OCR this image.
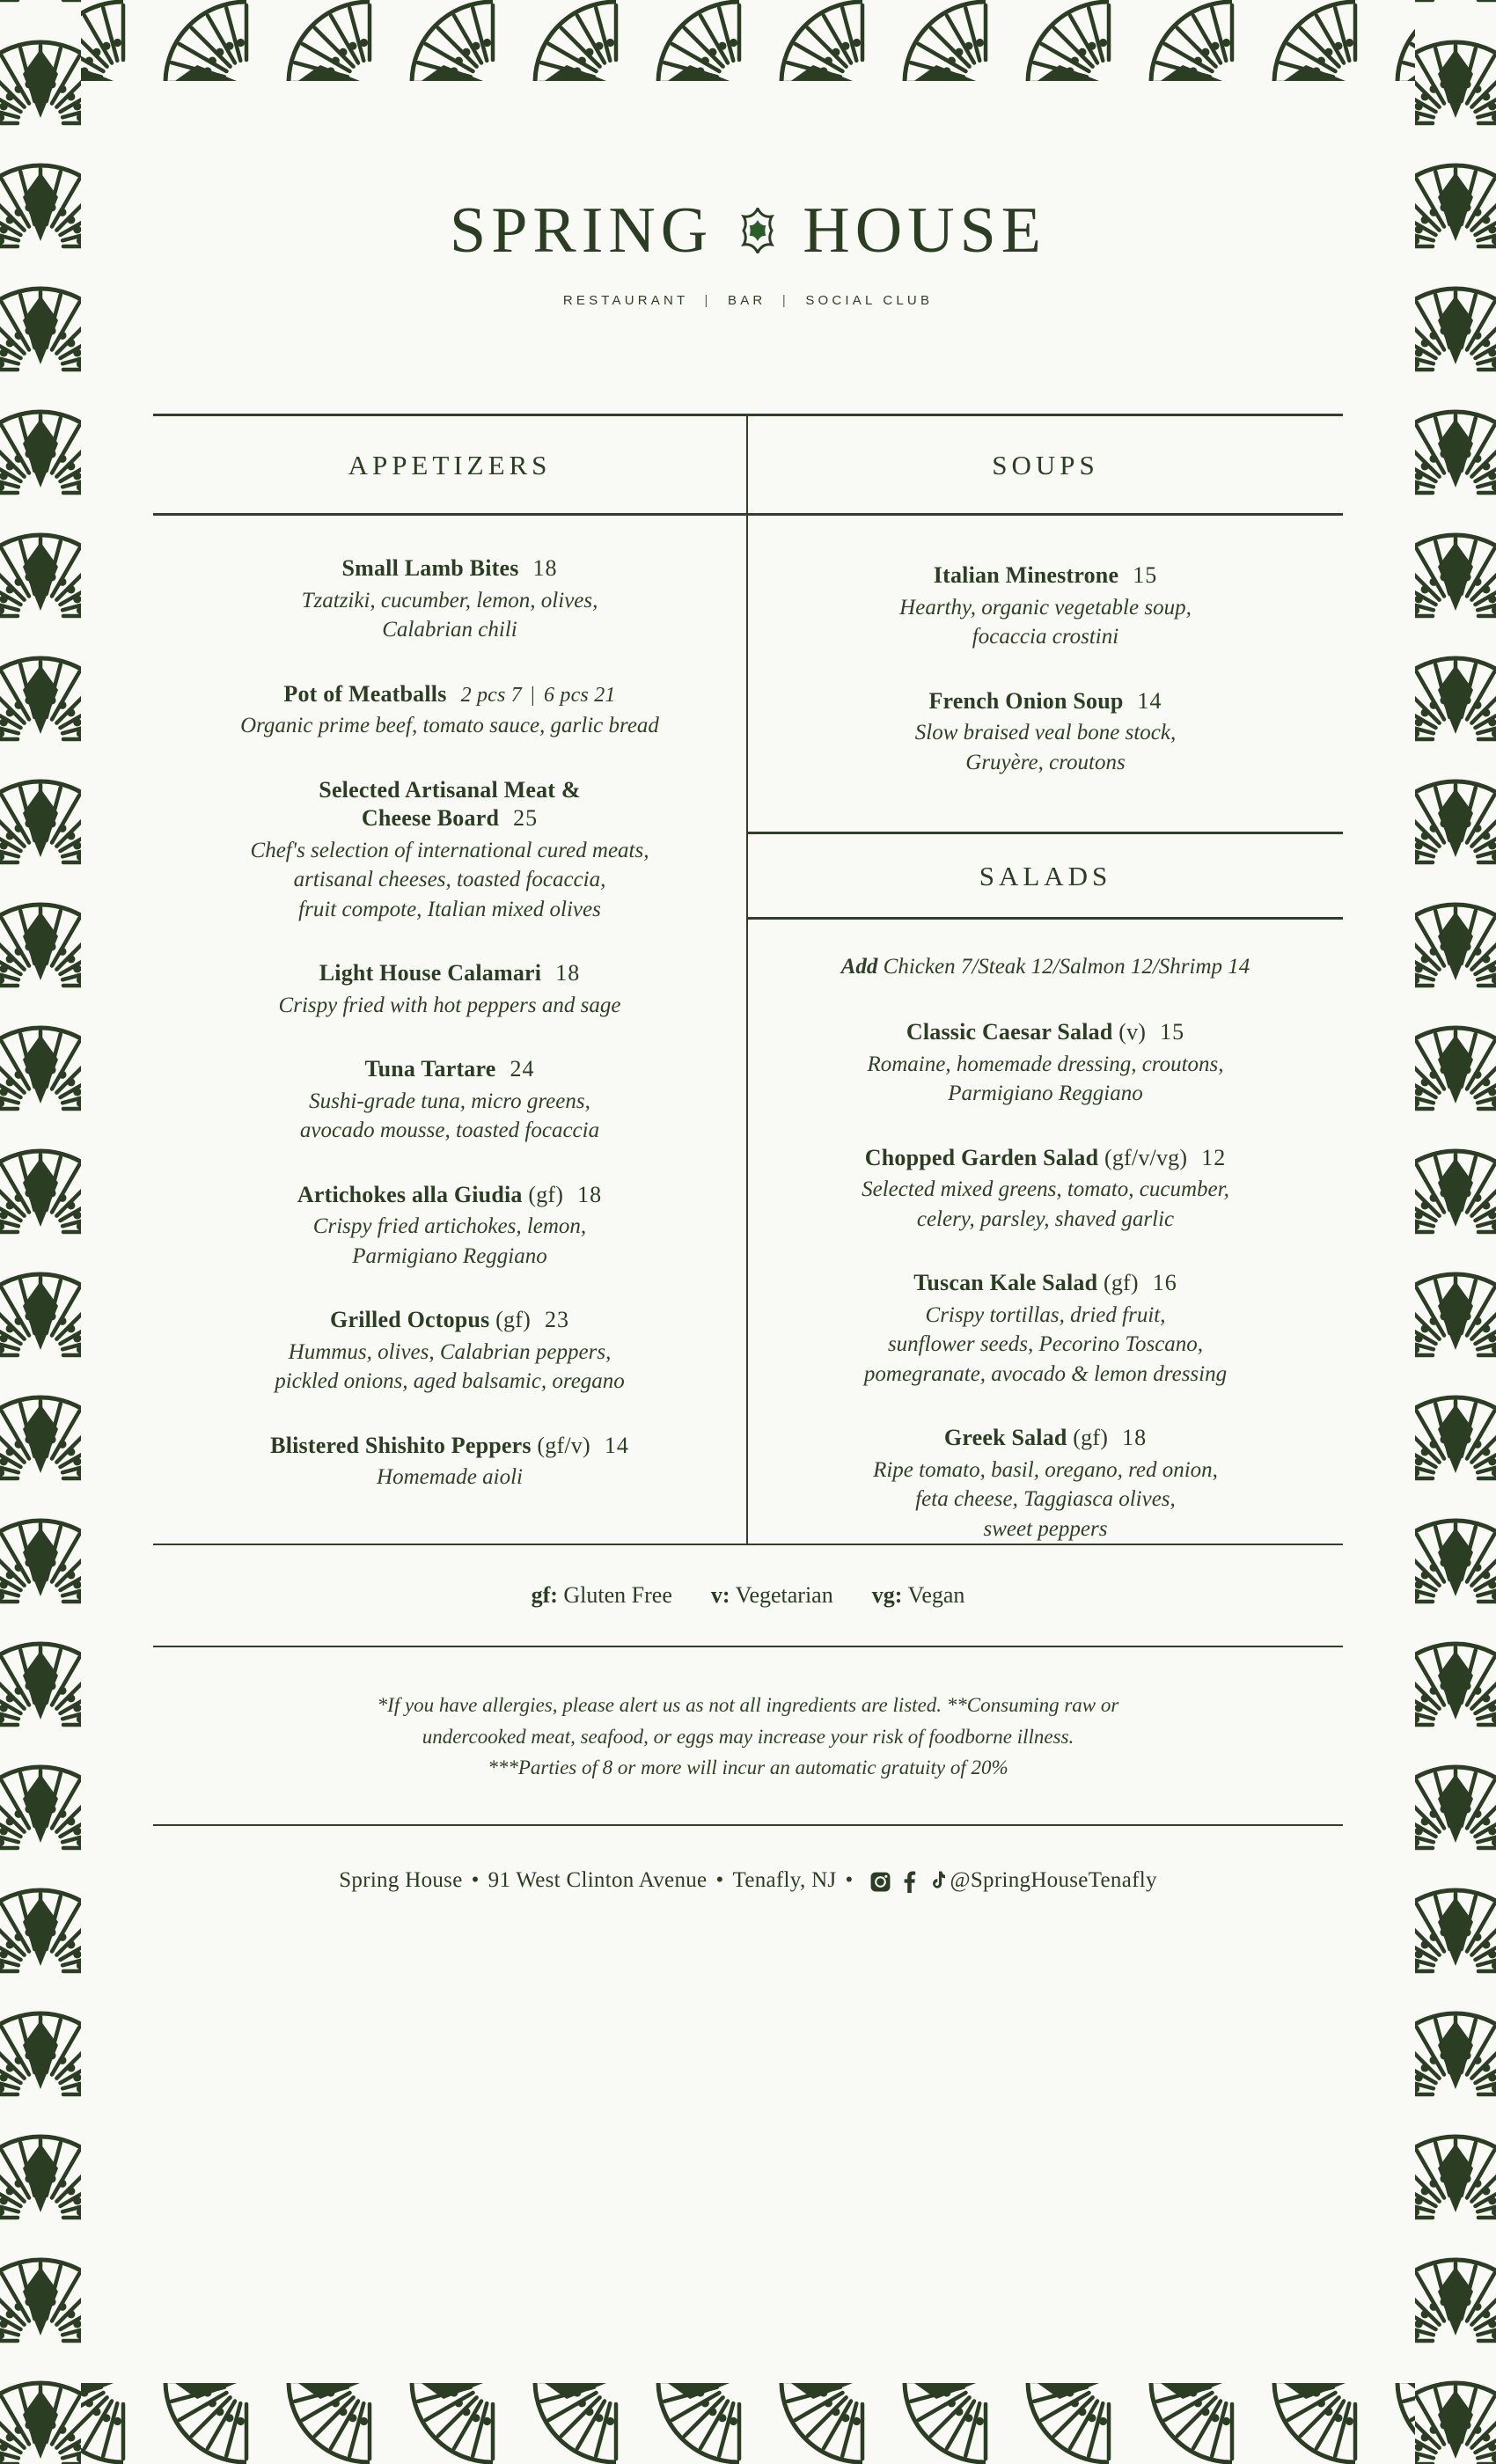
SPRING HOUSE
RESTAURANT | BAR | SOCIAL CLUB
APPETIZERS
Small Lamb Bites 18
Tzatziki, cucumber, lemon, olives,
Calabrian chili
Pot of Meatballs 2 pcs 7 | 6 pcs 21
Organic prime beef, tomato sauce, garlic bread
Selected Artisanal Meat &
Cheese Board 25
Chef's selection of international cured meats,
artisanal cheeses, toasted focaccia,
fruit compote, Italian mixed olives
Light House Calamari 18
Crispy fried with hot peppers and sage
Tuna Tartare 24
Sushi-grade tuna, micro greens,
avocado mousse, toasted focaccia
Artichokes alla Giudia (gf) 18
Crispy fried artichokes, lemon,
Parmigiano Reggiano
Grilled Octopus (gf) 23
Hummus, olives, Calabrian peppers,
pickled onions, aged balsamic, oregano
Blistered Shishito Peppers (gf/v) 14
Homemade aioli
SOUPS
Italian Minestrone 15
Hearthy, organic vegetable soup,
focaccia crostini
French Onion Soup 14
Slow braised veal bone stock,
Gruyère, croutons
SALADS
Add Chicken 7/Steak 12/Salmon 12/Shrimp 14
Classic Caesar Salad (v) 15
Romaine, homemade dressing, croutons,
Parmigiano Reggiano
Chopped Garden Salad (gf/v/vg) 12
Selected mixed greens, tomato, cucumber,
celery, parsley, shaved garlic
Tuscan Kale Salad (gf) 16
Crispy tortillas, dried fruit,
sunflower seeds, Pecorino Toscano,
pomegranate, avocado & lemon dressing
Greek Salad (gf) 18
Ripe tomato, basil, oregano, red onion,
feta cheese, Taggiasca olives,
sweet peppers
gf: Gluten Free v: Vegetarian vg: Vegan
*If you have allergies, please alert us as not all ingredients are listed. **Consuming raw or
undercooked meat, seafood, or eggs may increase your risk of foodborne illness.
***Parties of 8 or more will incur an automatic gratuity of 20%
Spring House • 91 West Clinton Avenue • Tenafly, NJ •	@SpringHouseTenafly
